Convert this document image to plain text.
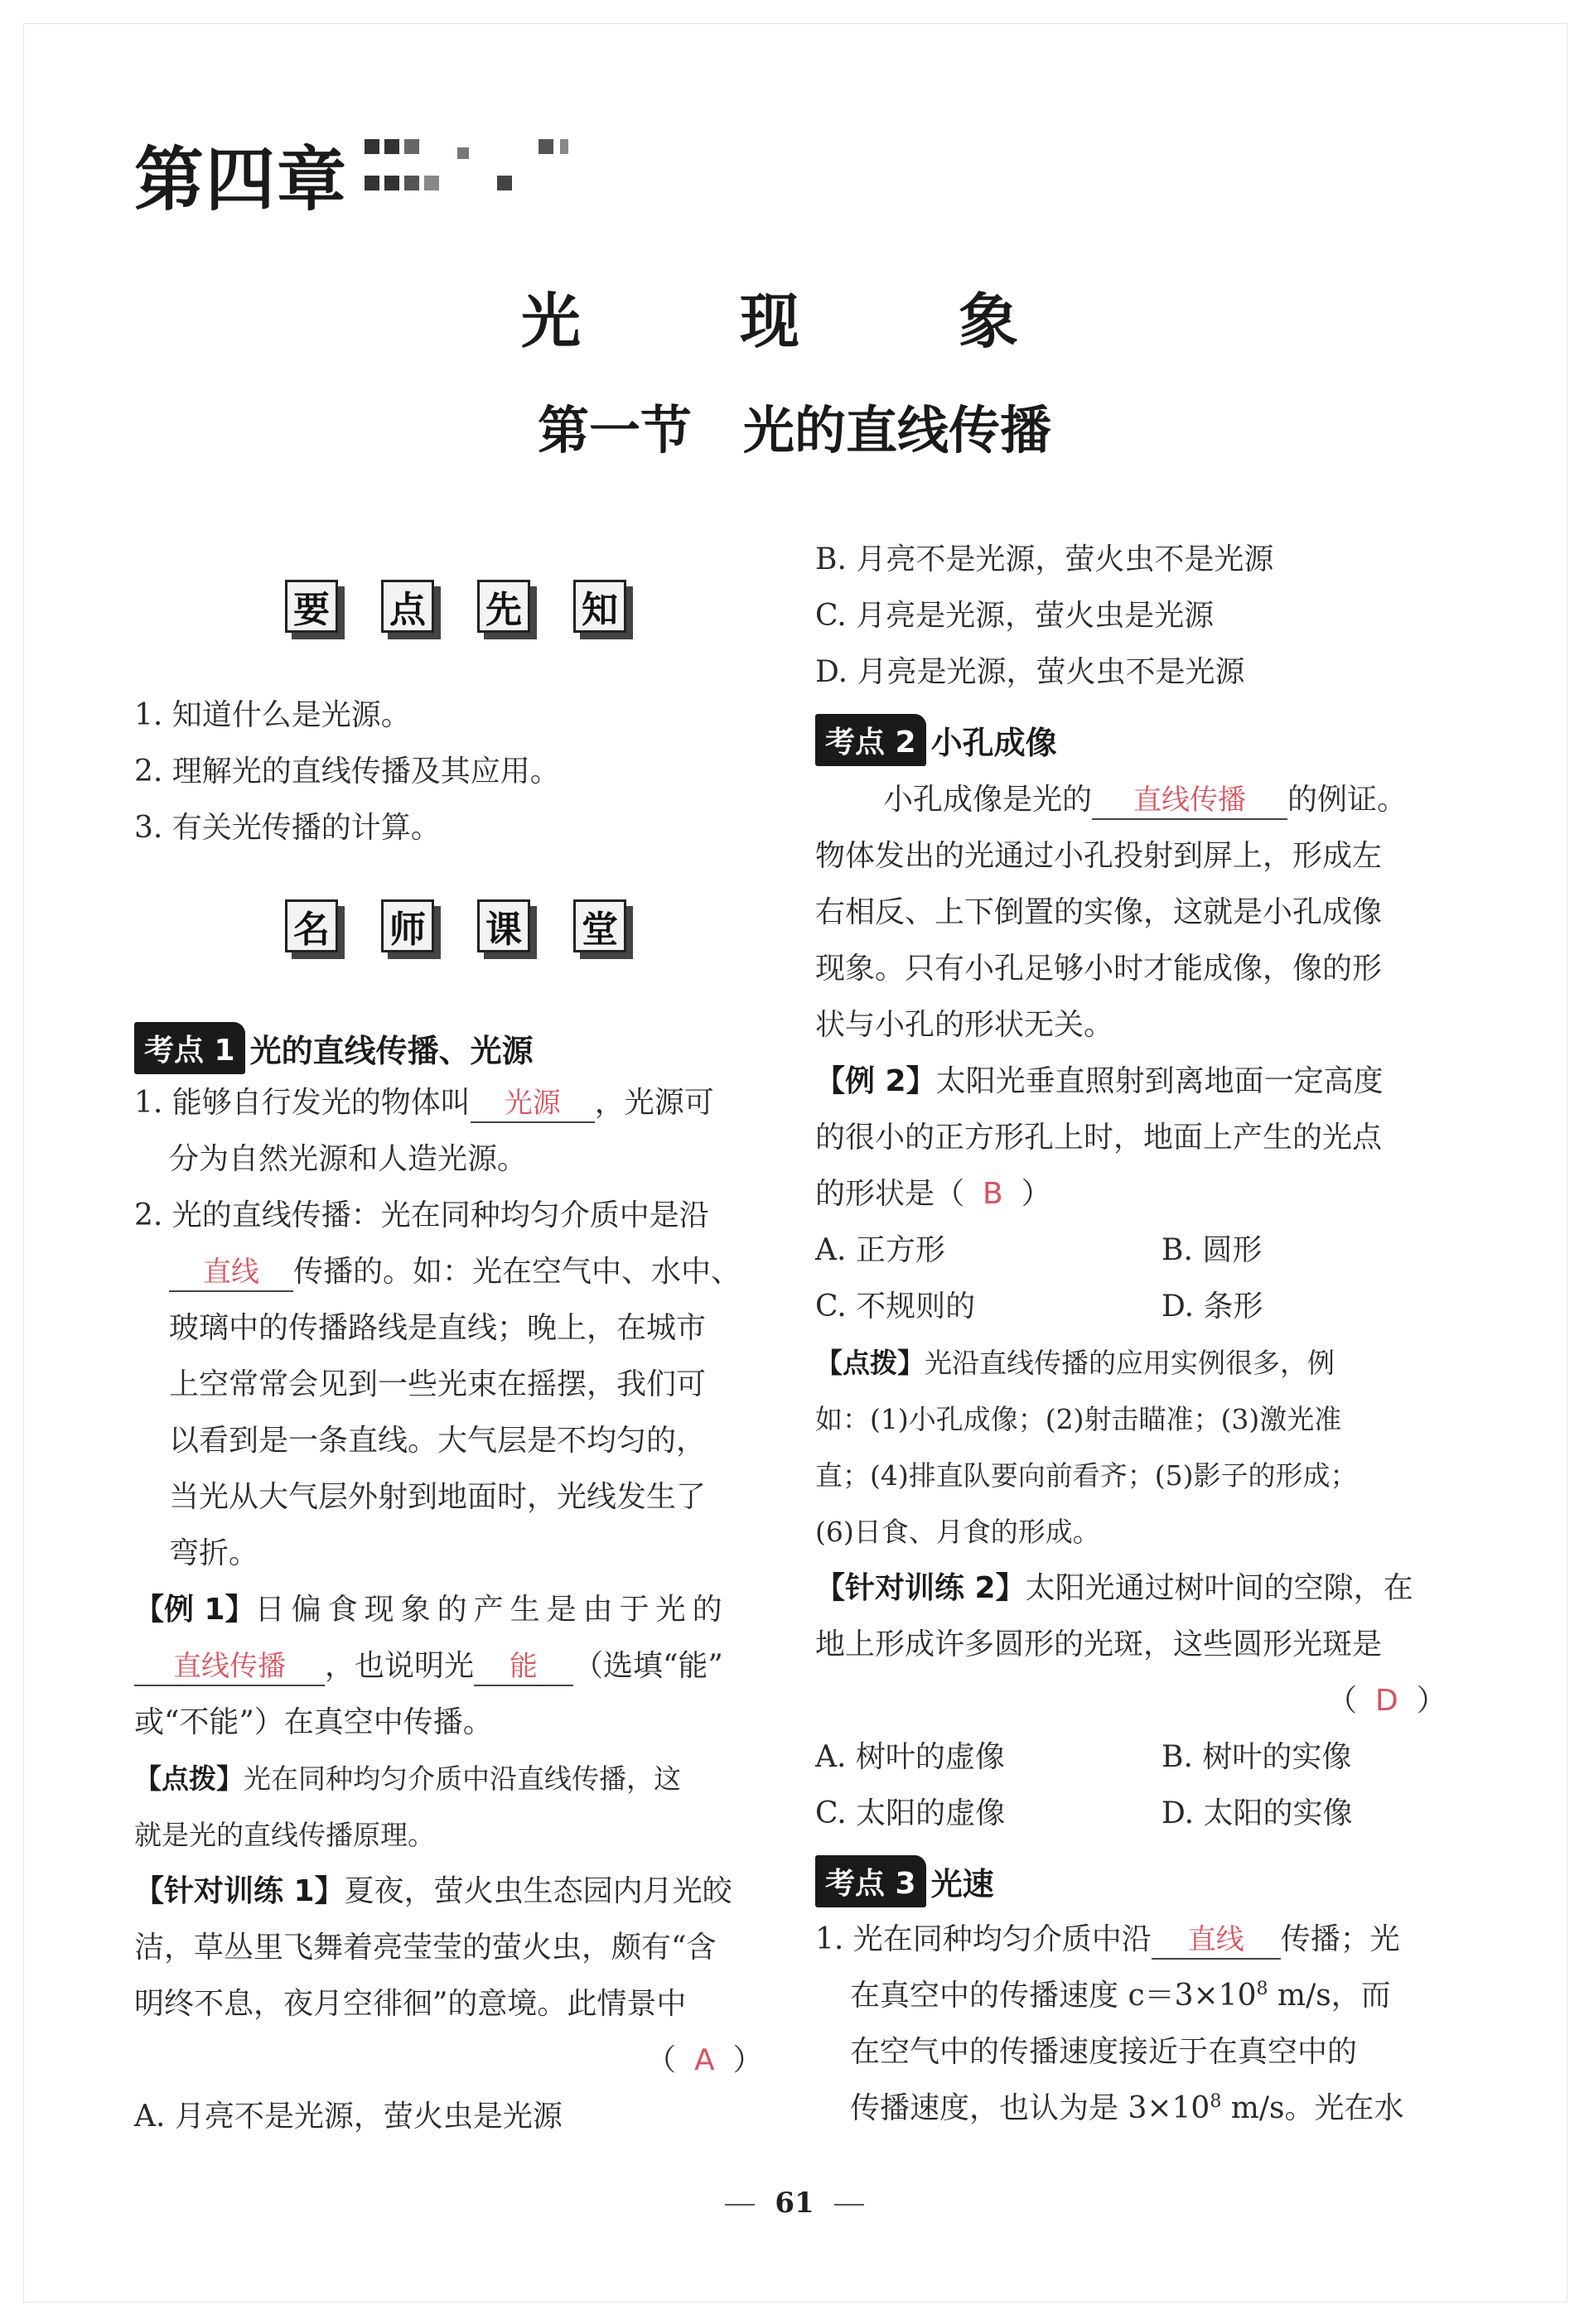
第四章
光　现　象
第一节　光的直线传播
要 点 先 知
1. 知道什么是光源。
2. 理解光的直线传播及其应用。
3. 有关光传播的计算。
名 师 课 堂
考点 1 光的直线传播、光源
1. 能够自行发光的物体叫 光源 ，光源可
分为自然光源和人造光源。
2. 光的直线传播：光在同种均匀介质中是沿
直线 传播的。如：光在空气中、水中、
玻璃中的传播路线是直线；晚上，在城市
上空常常会见到一些光束在摇摆，我们可
以看到是一条直线。大气层是不均匀的，
当光从大气层外射到地面时，光线发生了
弯折。
【例 1】日偏食现象的产生是由于光的
直线传播 ，也说明光 能 （选填“能”
或“不能”）在真空中传播。
【点拨】光在同种均匀介质中沿直线传播，这
就是光的直线传播原理。
【针对训练 1】夏夜，萤火虫生态园内月光皎
洁，草丛里飞舞着亮莹莹的萤火虫，颇有“含
明终不息，夜月空徘徊”的意境。此情景中
（ A ）
A. 月亮不是光源，萤火虫是光源
B. 月亮不是光源，萤火虫不是光源
C. 月亮是光源，萤火虫是光源
D. 月亮是光源，萤火虫不是光源
考点 2 小孔成像
小孔成像是光的 直线传播 的例证。
物体发出的光通过小孔投射到屏上，形成左
右相反、上下倒置的实像，这就是小孔成像
现象。只有小孔足够小时才能成像，像的形
状与小孔的形状无关。
【例 2】太阳光垂直照射到离地面一定高度
的很小的正方形孔上时，地面上产生的光点
的形状是（ B ）
A. 正方形	B. 圆形
C. 不规则的	D. 条形
【点拨】光沿直线传播的应用实例很多，例
如：(1)小孔成像；(2)射击瞄准；(3)激光准
直；(4)排直队要向前看齐；(5)影子的形成；
(6)日食、月食的形成。
【针对训练 2】太阳光通过树叶间的空隙，在
地上形成许多圆形的光斑，这些圆形光斑是
（ D ）
A. 树叶的虚像	B. 树叶的实像
C. 太阳的虚像	D. 太阳的实像
考点 3 光速
1. 光在同种均匀介质中沿 直线 传播；光
在真空中的传播速度 $c=3\times 10^8$ m/s，而
在空气中的传播速度接近于在真空中的
传播速度，也认为是 $3\times 10^8$ m/s。光在水
61
